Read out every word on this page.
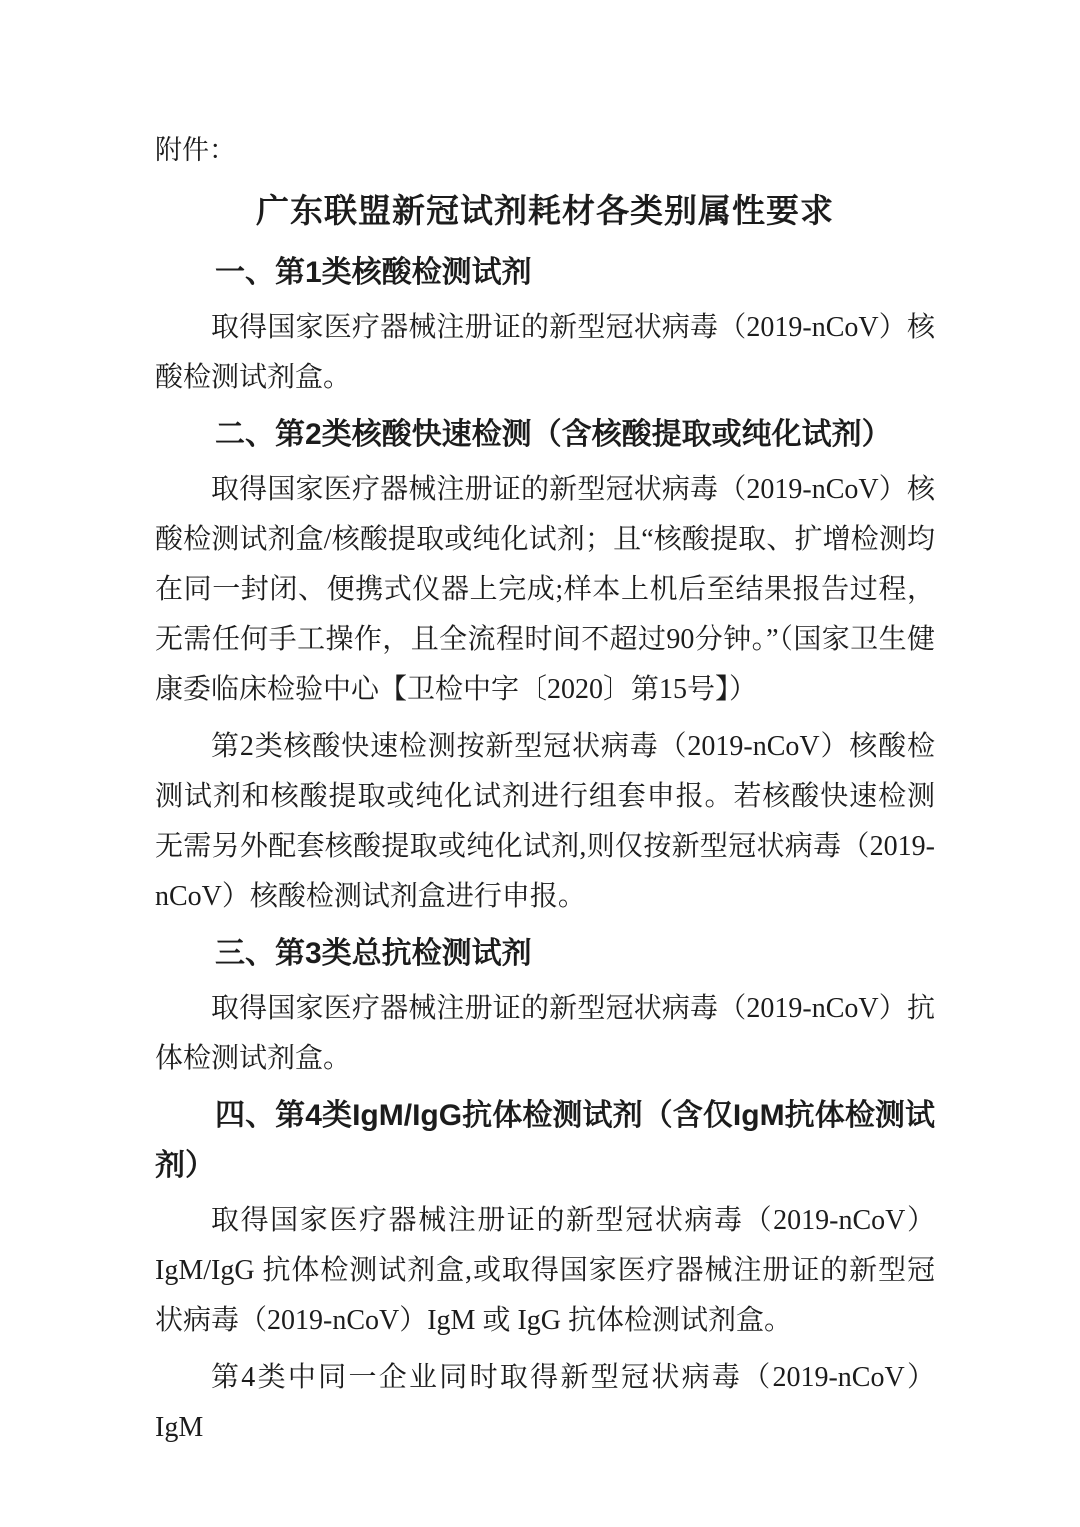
附件：
广东联盟新冠试剂耗材各类别属性要求
一、第1类核酸检测试剂

取得国家医疗器械注册证的新型冠状病毒（2019-nCoV）核酸检测试剂盒。

二、第2类核酸快速检测（含核酸提取或纯化试剂）

取得国家医疗器械注册证的新型冠状病毒（2019-nCoV）核酸检测试剂盒/核酸提取或纯化试剂；且“核酸提取、扩增检测均在同一封闭、便携式仪器上完成;样本上机后至结果报告过程，无需任何手工操作，且全流程时间不超过90分钟。”（国家卫生健康委临床检验中心【卫检中字〔2020〕第15号】）

第2类核酸快速检测按新型冠状病毒（2019-nCoV）核酸检测试剂和核酸提取或纯化试剂进行组套申报。若核酸快速检测无需另外配套核酸提取或纯化试剂,则仅按新型冠状病毒（2019-nCoV）核酸检测试剂盒进行申报。

三、第3类总抗检测试剂

取得国家医疗器械注册证的新型冠状病毒（2019-nCoV）抗体检测试剂盒。

四、第4类IgM/IgG抗体检测试剂（含仅IgM抗体检测试剂）

取得国家医疗器械注册证的新型冠状病毒（2019-nCoV）IgM/IgG 抗体检测试剂盒,或取得国家医疗器械注册证的新型冠状病毒（2019-nCoV）IgM 或 IgG 抗体检测试剂盒。

第4类中同一企业同时取得新型冠状病毒（2019-nCoV）IgM
